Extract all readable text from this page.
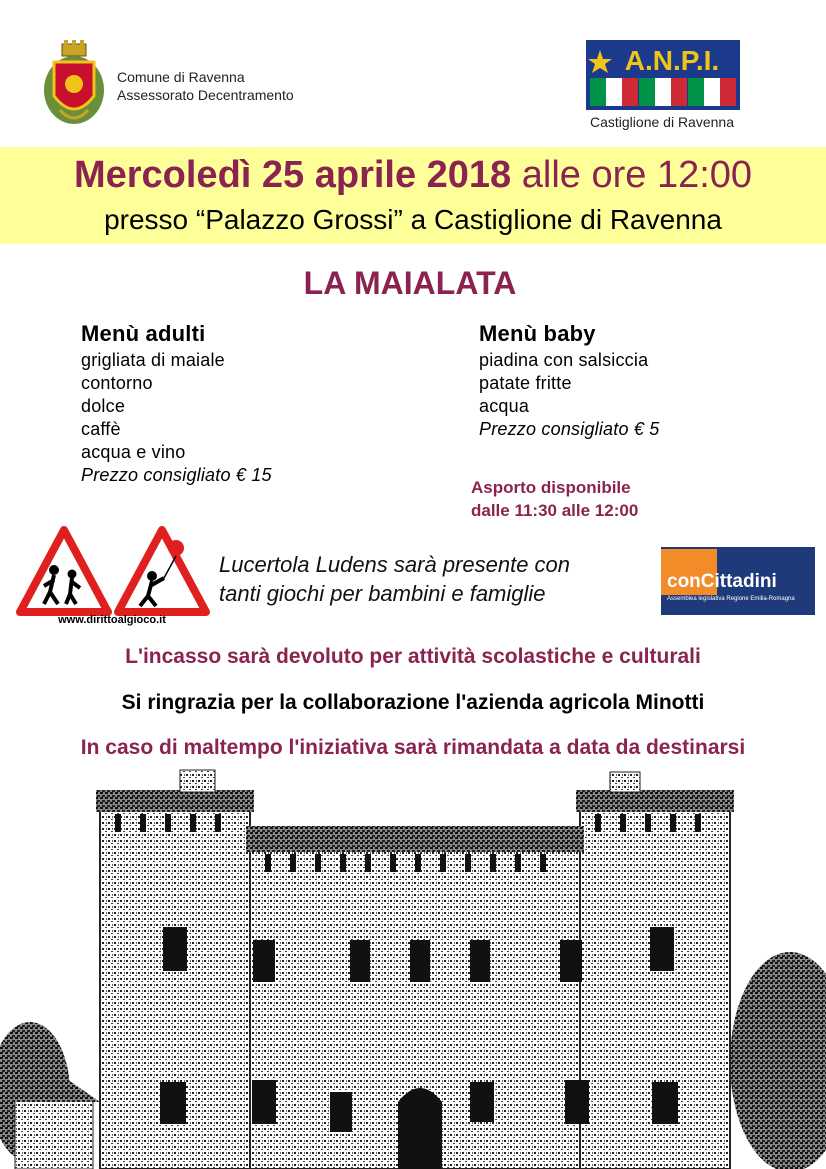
Comune di Ravenna
Assessorato Decentramento
A.N.P.I.
Castiglione di Ravenna
Mercoledì 25 aprile 2018 alle ore 12:00
presso “Palazzo Grossi” a Castiglione di Ravenna
LA MAIALATA
Menù adulti
grigliata di maiale
contorno
dolce
caffè
acqua e vino
Prezzo consigliato € 15
Menù baby
piadina con salsiccia
patate fritte
acqua
Prezzo consigliato € 5
Asporto disponibile
dalle 11:30 alle 12:00
www.dirittoalgioco.it
Lucertola Ludens sarà presente con
tanti giochi per bambini e famiglie	conCittadini
Assemblea legislativa Regione Emilia-Romagna
L'incasso sarà devoluto per attività scolastiche e culturali
Si ringrazia per la collaborazione l'azienda agricola Minotti
In caso di maltempo l'iniziativa sarà rimandata a data da destinarsi
